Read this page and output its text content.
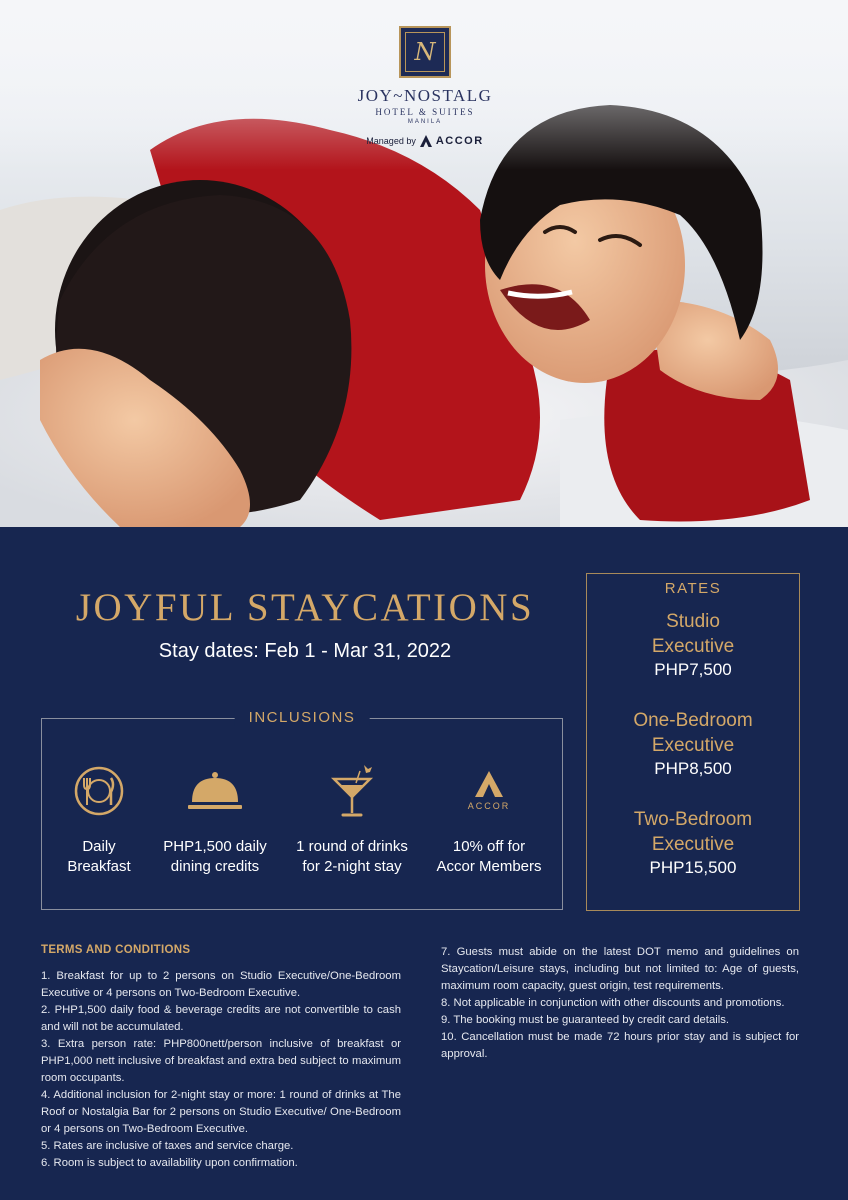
N
JOY~NOSTALG
HOTEL & SUITES
MANILA
Managed by ACCOR
JOYFUL STAYCATIONS
Stay dates: Feb 1 - Mar 31, 2022
INCLUSIONS
Daily
Breakfast
PHP1,500 daily
dining credits
1 round of drinks
for 2-night stay
ACCOR
10% off for
Accor Members
RATES
Studio
Executive
PHP7,500
One-Bedroom
Executive
PHP8,500
Two-Bedroom
Executive
PHP15,500
TERMS AND CONDITIONS

1. Breakfast for up to 2 persons on Studio Executive/One-Bedroom Executive or 4 persons on Two-Bedroom Executive.

2. PHP1,500 daily food & beverage credits are not convertible to cash and will not be accumulated.

3. Extra person rate: PHP800nett/person inclusive of breakfast or PHP1,000 nett inclusive of breakfast and extra bed subject to maximum room occupants.

4. Additional inclusion for 2-night stay or more: 1 round of drinks at The Roof or Nostalgia Bar for 2 persons on Studio Executive/ One-Bedroom or 4 persons on Two-Bedroom Executive.

5. Rates are inclusive of taxes and service charge.

6. Room is subject to availability upon confirmation.

7. Guests must abide on the latest DOT memo and guidelines on Staycation/Leisure stays, including but not limited to: Age of guests, maximum room capacity, guest origin, test requirements.

8. Not applicable in conjunction with other discounts and promotions.

9. The booking must be guaranteed by credit card details.

10. Cancellation must be made 72 hours prior stay and is subject for approval.
